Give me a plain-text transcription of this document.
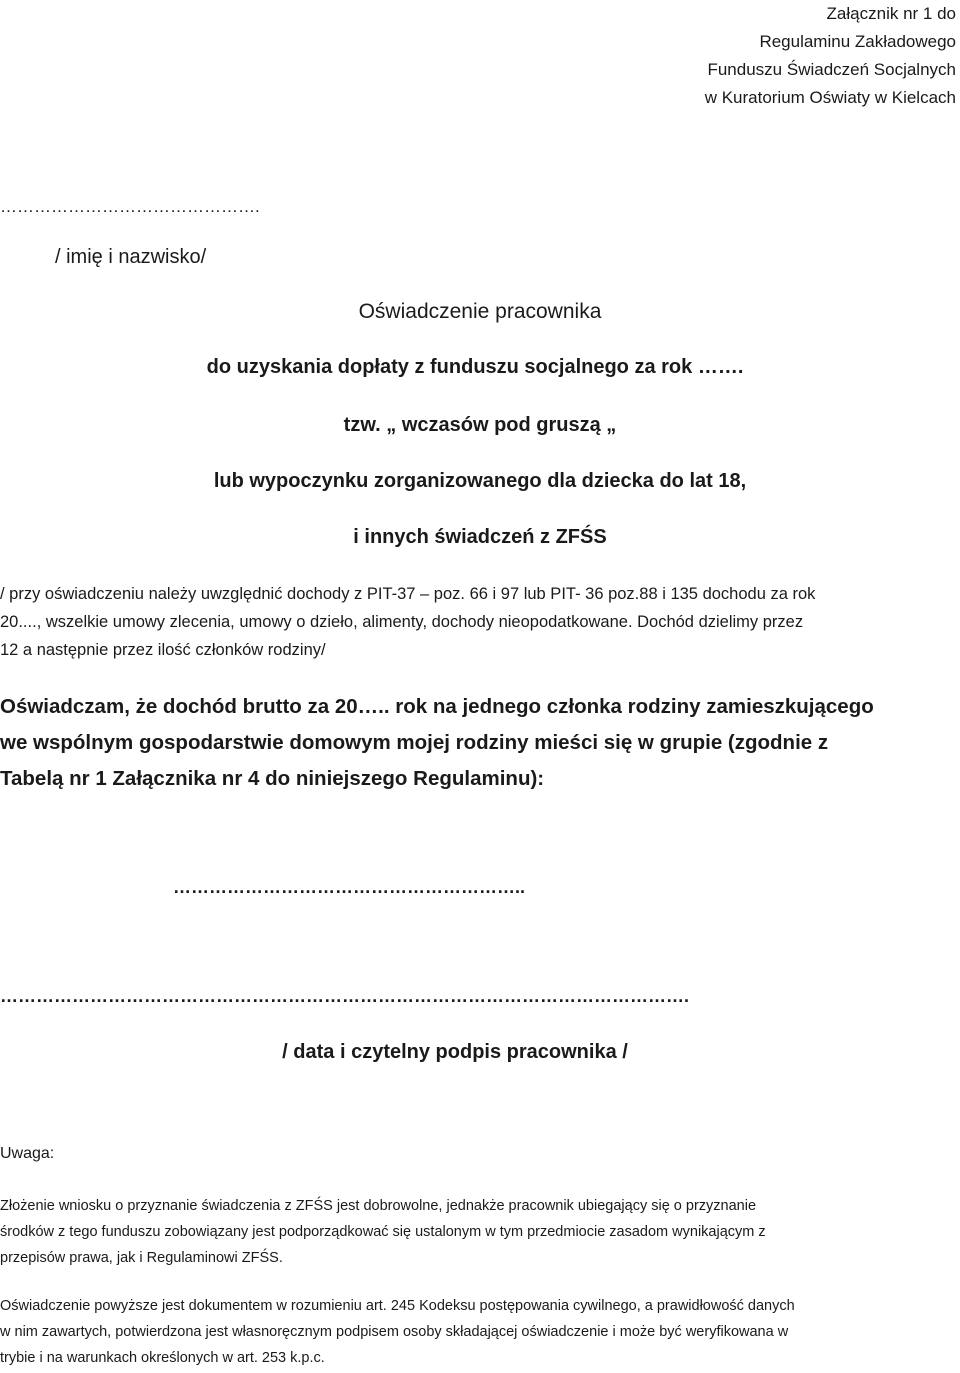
Załącznik nr 1 do
Regulaminu Zakładowego
Funduszu Świadczeń Socjalnych
w Kuratorium Oświaty w Kielcach
……………………………………….
/ imię i nazwisko/
Oświadczenie pracownika
do uzyskania dopłaty z funduszu socjalnego za rok …….
tzw. „ wczasów pod gruszą „
lub wypoczynku zorganizowanego dla dziecka do lat 18,
i innych świadczeń z ZFŚS
/ przy oświadczeniu należy uwzględnić dochody z PIT-37 – poz. 66 i 97 lub PIT- 36 poz.88 i 135 dochodu za rok
20...., wszelkie umowy zlecenia, umowy o dzieło, alimenty, dochody nieopodatkowane. Dochód dzielimy przez
12 a następnie przez ilość członków rodziny/
Oświadczam, że dochód brutto za 20….. rok na jednego członka rodziny zamieszkującego
we wspólnym gospodarstwie domowym mojej rodziny mieści się w grupie (zgodnie z
Tabelą nr 1 Załącznika nr 4 do niniejszego Regulaminu):
…………………………………………………..
…………………………………………………………………………………………………….
/ data i czytelny podpis pracownika /
Uwaga:
Złożenie wniosku o przyznanie świadczenia z ZFŚS jest dobrowolne, jednakże pracownik ubiegający się o przyznanie
środków z tego funduszu zobowiązany jest podporządkować się ustalonym w tym przedmiocie zasadom wynikającym z
przepisów prawa, jak i Regulaminowi ZFŚS.
Oświadczenie powyższe jest dokumentem w rozumieniu art. 245 Kodeksu postępowania cywilnego, a prawidłowość danych
w nim zawartych, potwierdzona jest własnoręcznym podpisem osoby składającej oświadczenie i może być weryfikowana w
trybie i na warunkach określonych w art. 253 k.p.c.
